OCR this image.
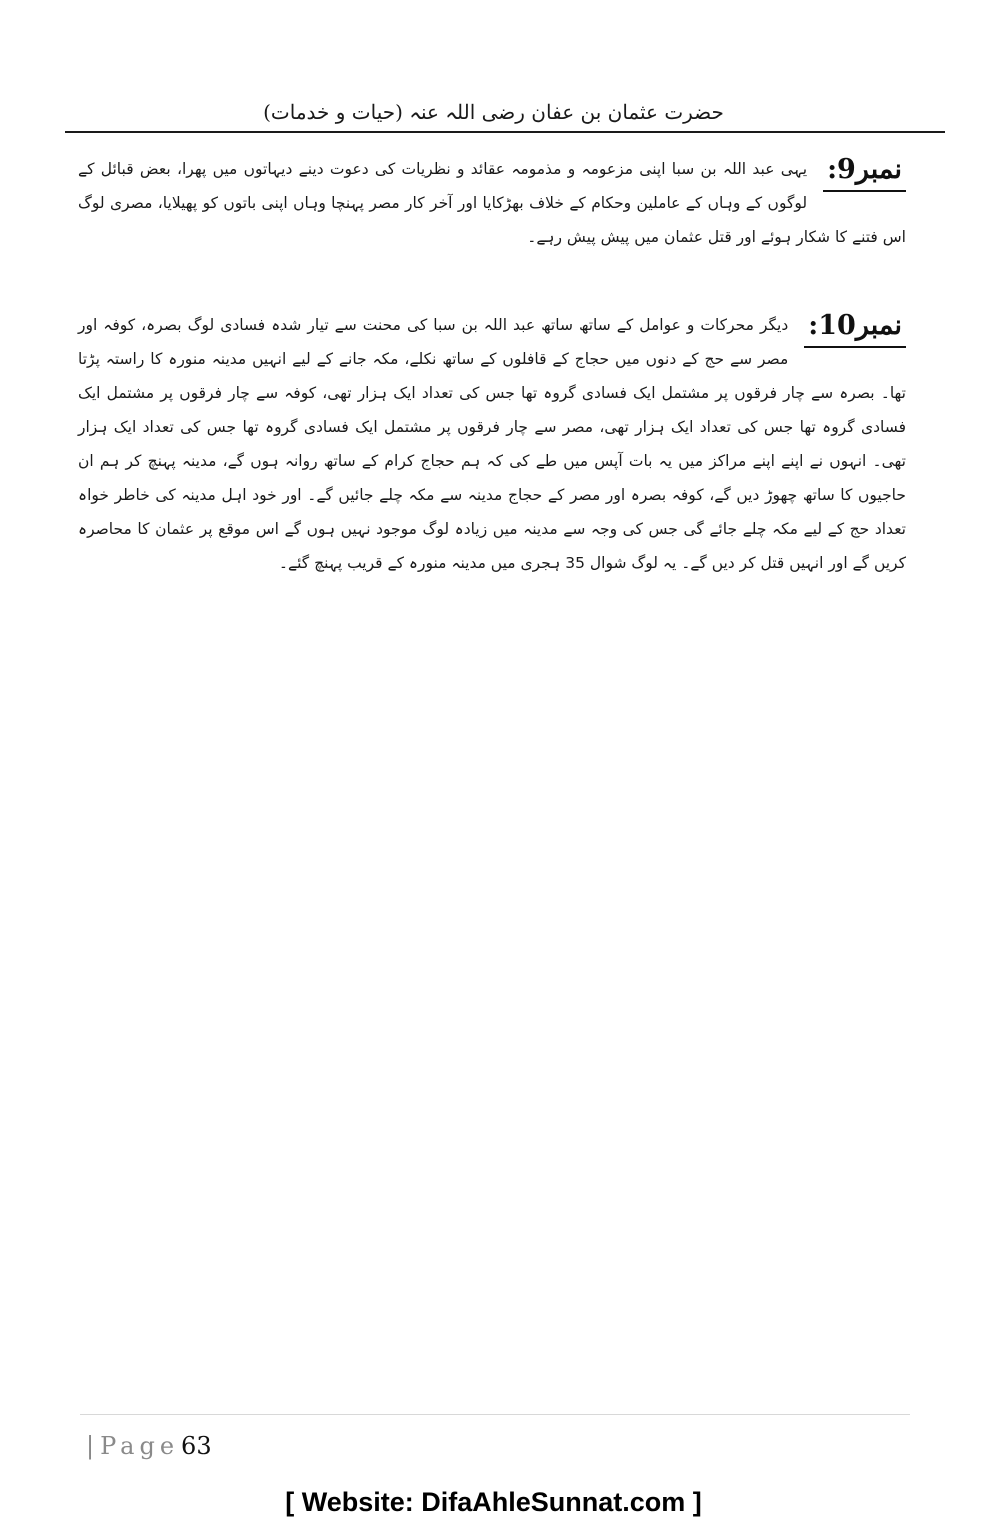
حضرت عثمان بن عفان رضی اللہ عنہ (حیات و خدمات)
نمبر9:

یہی عبد اللہ بن سبا اپنی مزعومہ و مذمومہ عقائد و نظریات کی دعوت دینے دیہاتوں میں پھرا، بعض قبائل کے لوگوں کے وہاں کے عاملین وحکام کے خلاف بھڑکایا اور آخر کار مصر پہنچا وہاں اپنی باتوں کو پھیلایا، مصری لوگ اس فتنے کا شکار ہوئے اور قتل عثمان میں پیش پیش رہے۔

نمبر10:

دیگر محرکات و عوامل کے ساتھ ساتھ عبد اللہ بن سبا کی محنت سے تیار شدہ فسادی لوگ بصرہ، کوفہ اور مصر سے حج کے دنوں میں حجاج کے قافلوں کے ساتھ نکلے، مکہ جانے کے لیے انہیں مدینہ منورہ کا راستہ پڑتا تھا۔ بصرہ سے چار فرقوں پر مشتمل ایک فسادی گروہ تھا جس کی تعداد ایک ہزار تھی، کوفہ سے چار فرقوں پر مشتمل ایک فسادی گروہ تھا جس کی تعداد ایک ہزار تھی، مصر سے چار فرقوں پر مشتمل ایک فسادی گروہ تھا جس کی تعداد ایک ہزار تھی۔ انہوں نے اپنے اپنے مراکز میں یہ بات آپس میں طے کی کہ ہم حجاج کرام کے ساتھ روانہ ہوں گے، مدینہ پہنچ کر ہم ان حاجیوں کا ساتھ چھوڑ دیں گے، کوفہ بصرہ اور مصر کے حجاج مدینہ سے مکہ چلے جائیں گے۔ اور خود اہل مدینہ کی خاطر خواہ تعداد حج کے لیے مکہ چلے جائے گی جس کی وجہ سے مدینہ میں زیادہ لوگ موجود نہیں ہوں گے اس موقع پر عثمان کا محاصرہ کریں گے اور انہیں قتل کر دیں گے۔ یہ لوگ شوال 35 ہجری میں مدینہ منورہ کے قریب پہنچ گئے۔

| Page63
[ Website: DifaAhleSunnat.com ]
